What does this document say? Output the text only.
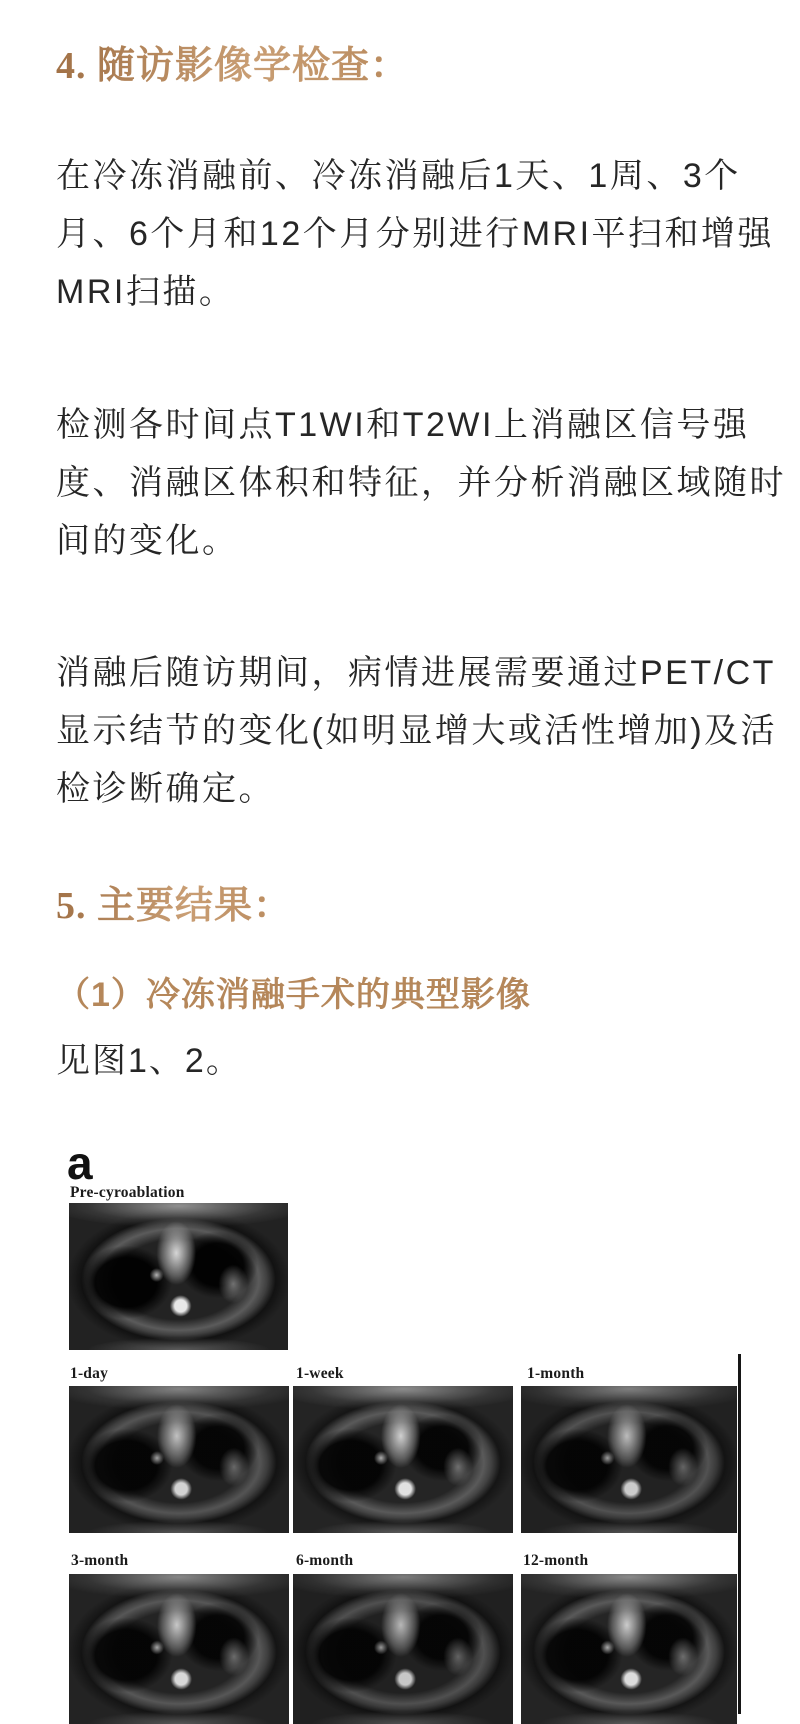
4. 随访影像学检查：
在冷冻消融前、冷冻消融后1天、1周、3个
月、6个月和12个月分别进行MRI平扫和增强
MRI扫描。
检测各时间点T1WI和T2WI上消融区信号强
度、消融区体积和特征，并分析消融区域随时
间的变化。
消融后随访期间，病情进展需要通过PET/CT
显示结节的变化(如明显增大或活性增加)及活
检诊断确定。
5. 主要结果：
（1）冷冻消融手术的典型影像
见图1、2。
a
Pre-cyroablation
1-day	1-week	1-month
3-month	6-month	12-month
